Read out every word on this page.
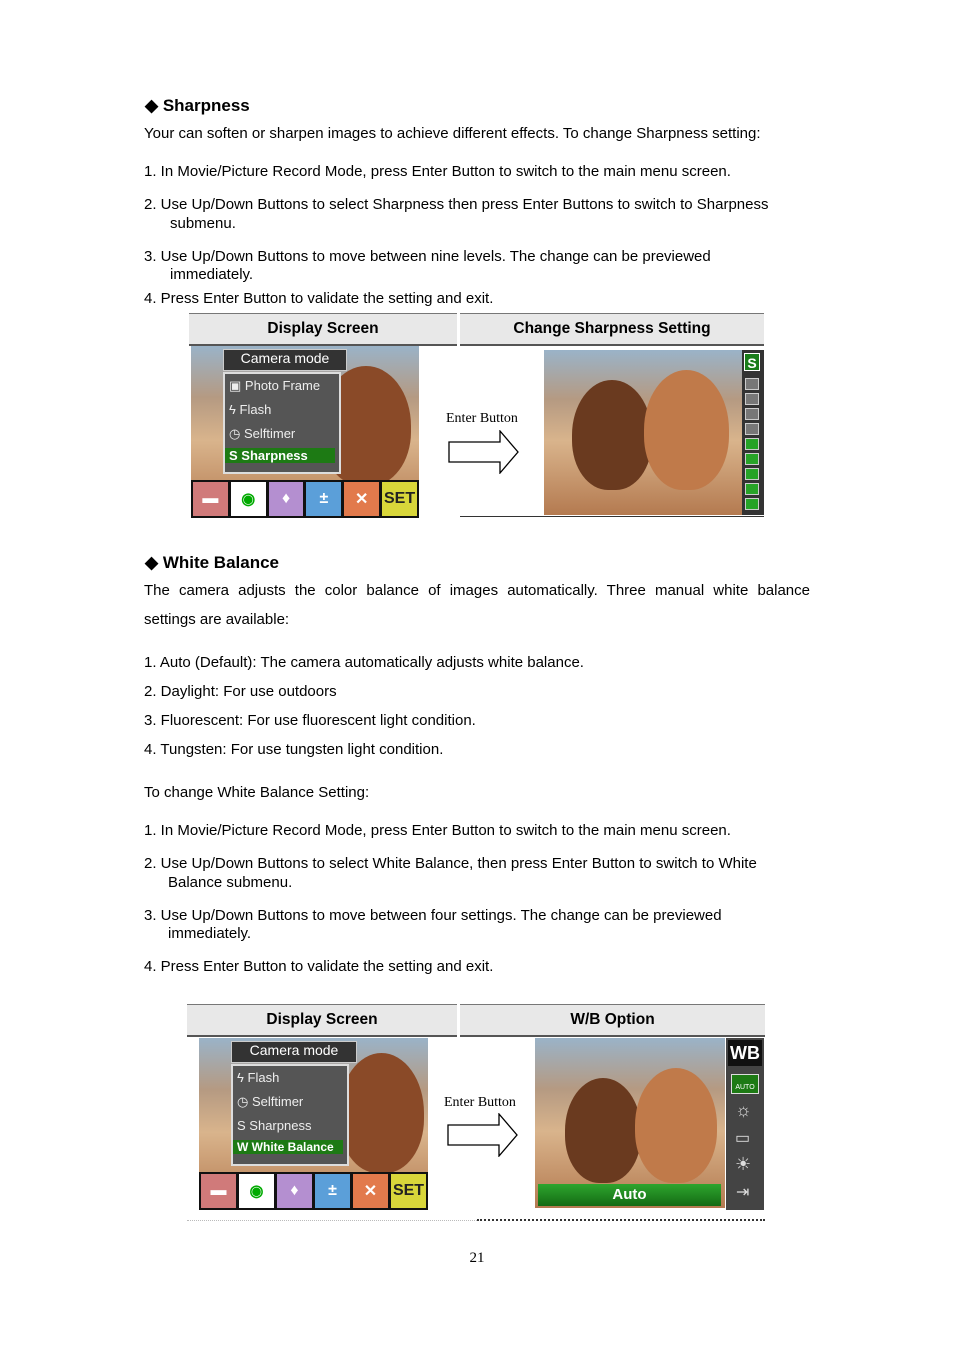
◆ Sharpness
Your can soften or sharpen images to achieve different effects. To change Sharpness setting:
1. In Movie/Picture Record Mode, press Enter Button to switch to the main menu screen.
2. Use Up/Down Buttons to select Sharpness then press Enter Buttons to switch to Sharpness
submenu.
3. Use Up/Down Buttons to move between nine levels. The change can be previewed
immediately.
4. Press Enter Button to validate the setting and exit.
Display Screen	Change Sharpness Setting
Camera mode
▣ Photo Frame
ϟ Flash
◷ Selftimer
S Sharpness
▬	◉	♦	±	✕ SET
Enter Button
S
◆ White Balance
The camera adjusts the color balance of images automatically. Three manual white balance
settings are available:
1. Auto (Default): The camera automatically adjusts white balance.
2. Daylight: For use outdoors
3. Fluorescent: For use fluorescent light condition.
4. Tungsten: For use tungsten light condition.
To change White Balance Setting:
1. In Movie/Picture Record Mode, press Enter Button to switch to the main menu screen.
2. Use Up/Down Buttons to select White Balance, then press Enter Button to switch to White
Balance submenu.
3. Use Up/Down Buttons to move between four settings. The change can be previewed
immediately.
4. Press Enter Button to validate the setting and exit.
Display Screen	W/B Option
Camera mode
ϟ Flash
◷ Selftimer
S Sharpness
W White Balance
▬	◉	♦	±	✕ SET
Enter Button
Auto
WB
AUTO
☼
▭
☀
⇥
21
